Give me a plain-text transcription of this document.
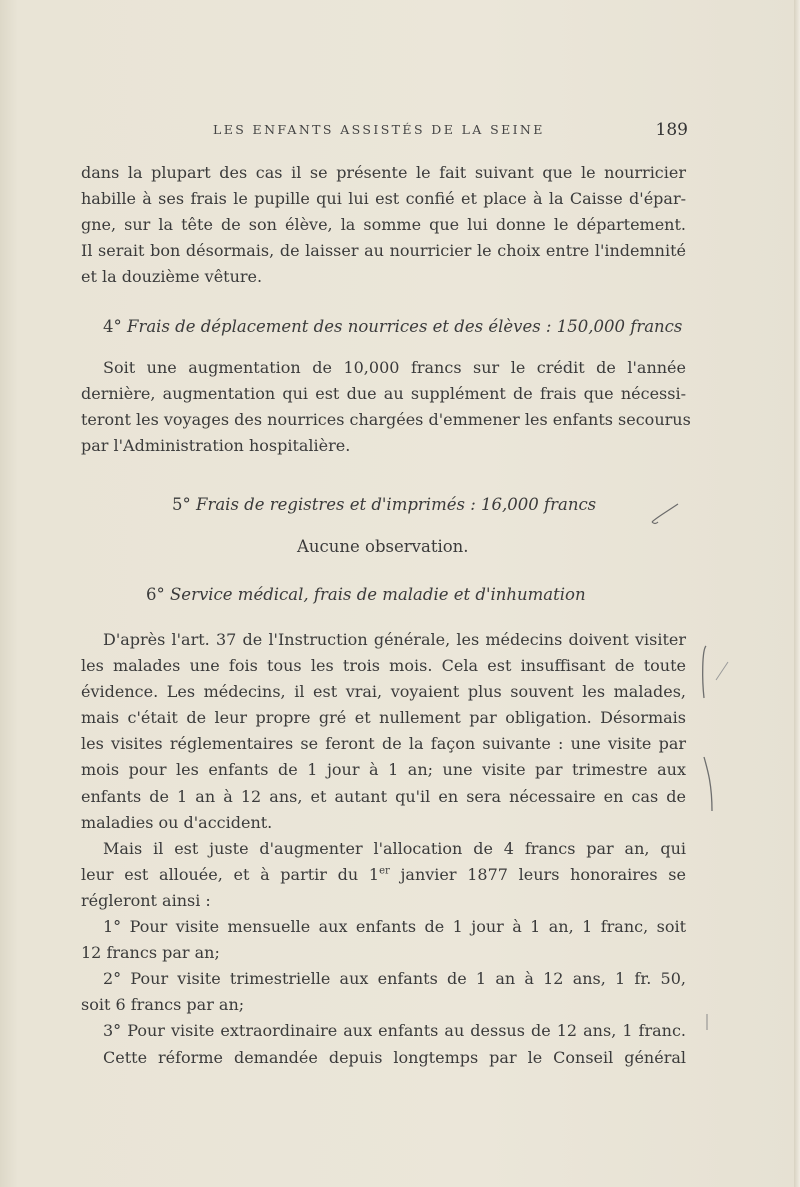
LES ENFANTS ASSISTÉS DE LA SEINE	189
dans la plupart des cas il se présente le fait suivant que le nourricier
habille à ses frais le pupille qui lui est confié et place à la Caisse d'épar-
gne, sur la tête de son élève, la somme que lui donne le département.
Il serait bon désormais, de laisser au nourricier le choix entre l'indemnité
et la douzième vêture.
4° Frais de déplacement des nourrices et des élèves : 150,000 francs
Soit une augmentation de 10,000 francs sur le crédit de l'année
dernière, augmentation qui est due au supplément de frais que nécessi-
teront les voyages des nourrices chargées d'emmener les enfants secourus
par l'Administration hospitalière.
5° Frais de registres et d'imprimés : 16,000 francs
Aucune observation.
6° Service médical, frais de maladie et d'inhumation
D'après l'art. 37 de l'Instruction générale, les médecins doivent visiter
les malades une fois tous les trois mois. Cela est insuffisant de toute
évidence. Les médecins, il est vrai, voyaient plus souvent les malades,
mais c'était de leur propre gré et nullement par obligation. Désormais
les visites réglementaires se feront de la façon suivante : une visite par
mois pour les enfants de 1 jour à 1 an; une visite par trimestre aux
enfants de 1 an à 12 ans, et autant qu'il en sera nécessaire en cas de
maladies ou d'accident.
Mais il est juste d'augmenter l'allocation de 4 francs par an, qui
leur est allouée, et à partir du 1er janvier 1877 leurs honoraires se
régleront ainsi :
1° Pour visite mensuelle aux enfants de 1 jour à 1 an, 1 franc, soit
12 francs par an;
2° Pour visite trimestrielle aux enfants de 1 an à 12 ans, 1 fr. 50,
soit 6 francs par an;
3° Pour visite extraordinaire aux enfants au dessus de 12 ans, 1 franc.
Cette réforme demandée depuis longtemps par le Conseil général
